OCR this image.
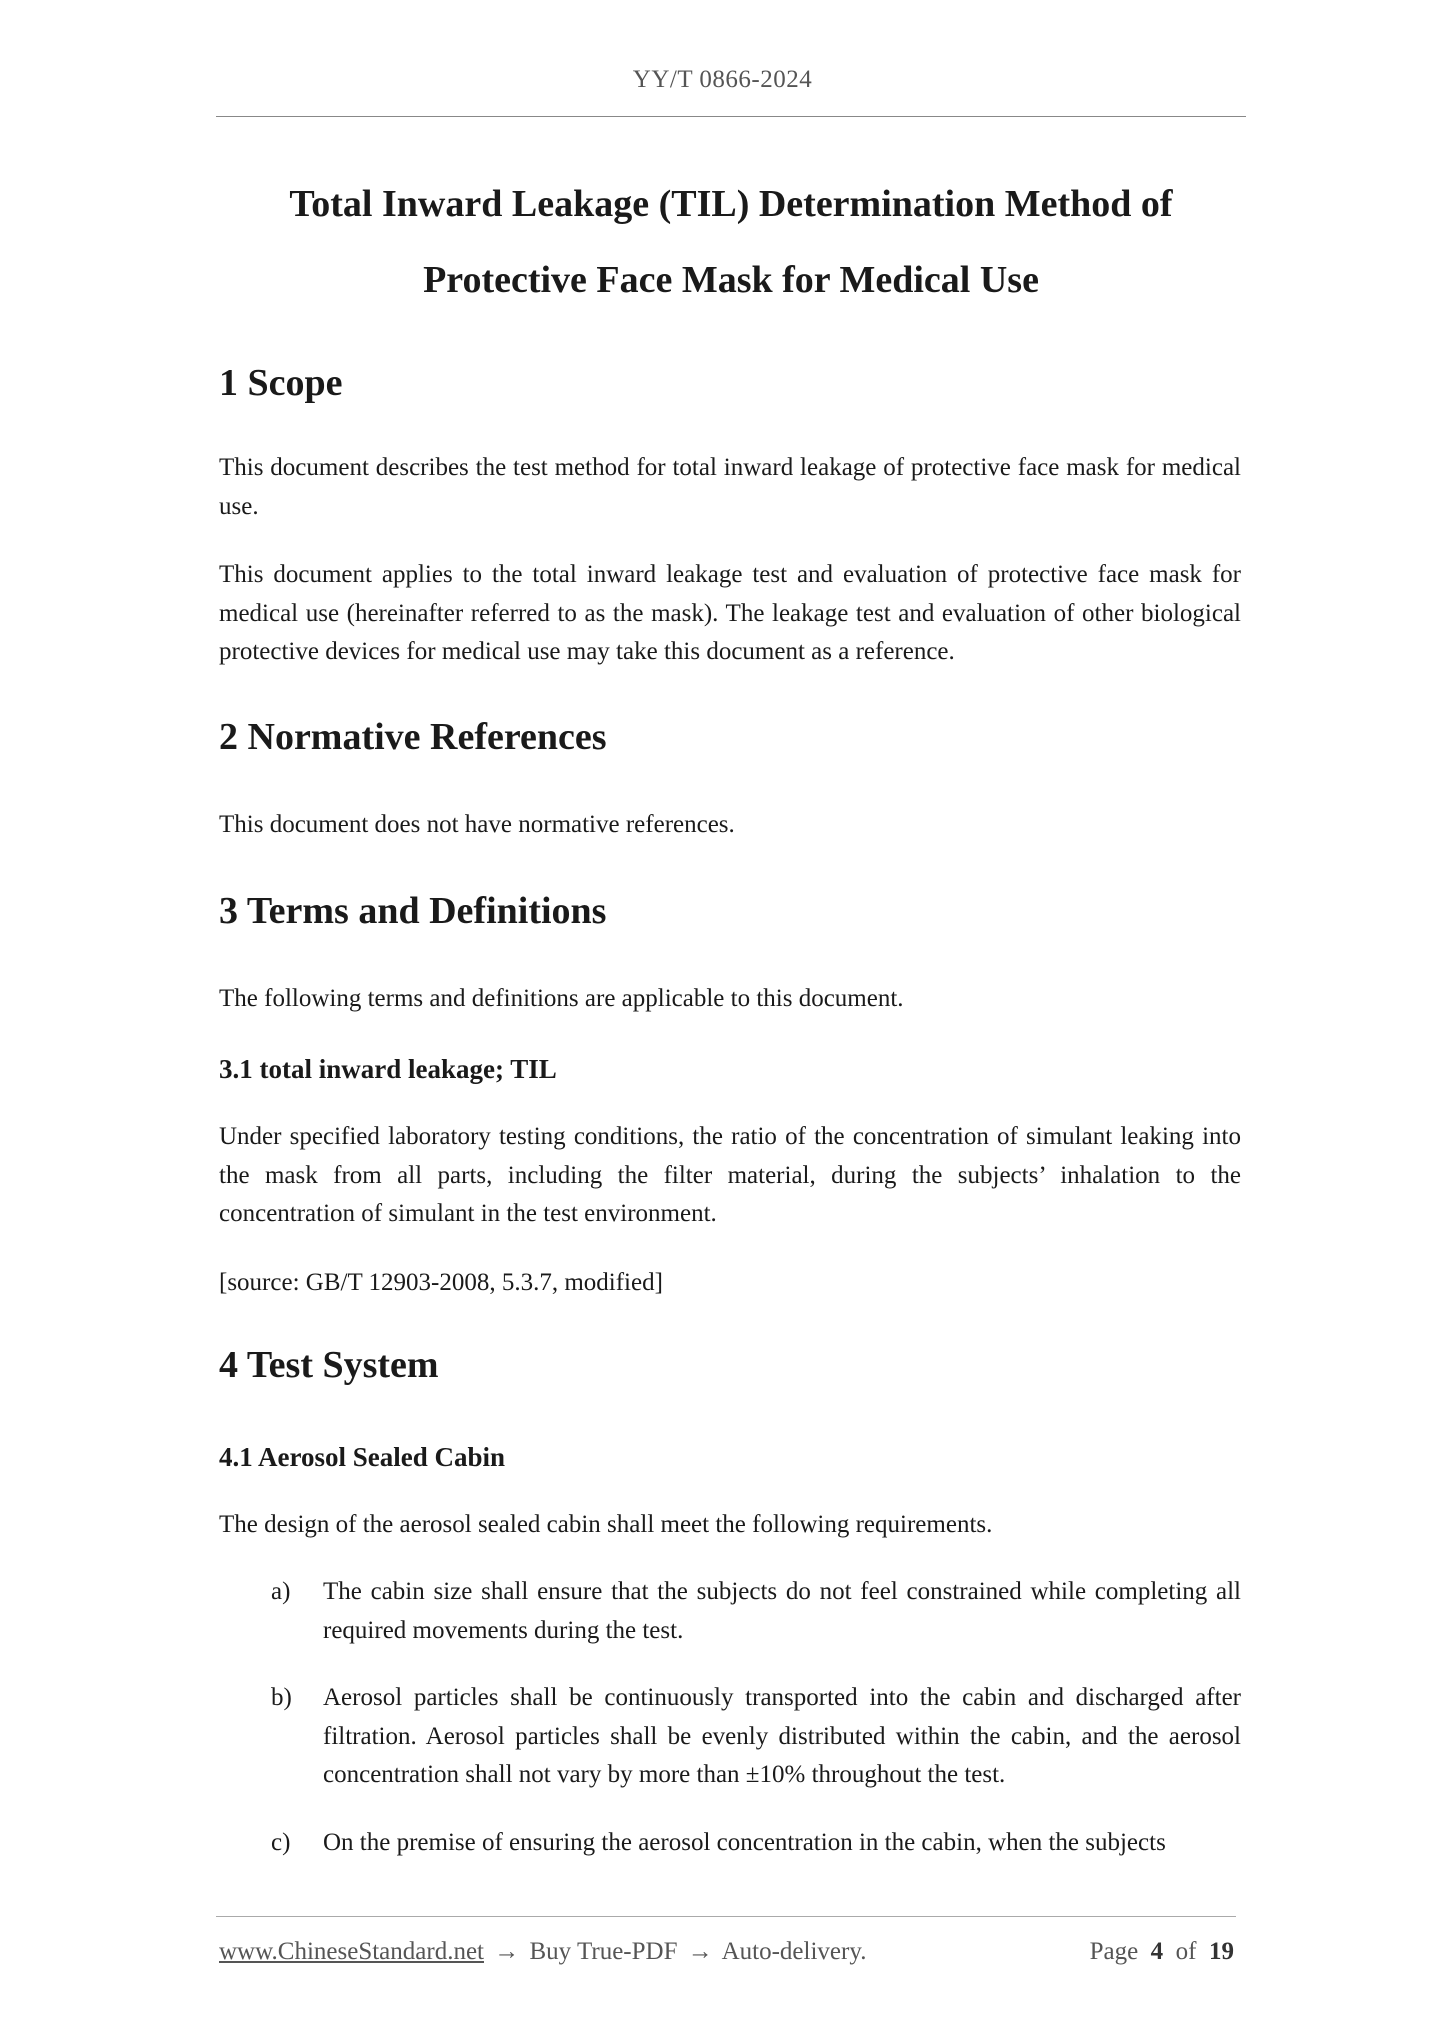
YY/T 0866-2024
Total Inward Leakage (TIL) Determination Method of
Protective Face Mask for Medical Use
1 Scope

This document describes the test method for total inward leakage of protective face mask for medical use.

This document applies to the total inward leakage test and evaluation of protective face mask for medical use (hereinafter referred to as the mask). The leakage test and evaluation of other biological protective devices for medical use may take this document as a reference.

2 Normative References

This document does not have normative references.

3 Terms and Definitions

The following terms and definitions are applicable to this document.

3.1 total inward leakage; TIL

Under specified laboratory testing conditions, the ratio of the concentration of simulant leaking into the mask from all parts, including the filter material, during the subjects’ inhalation to the concentration of simulant in the test environment.

[source: GB/T 12903-2008, 5.3.7, modified]

4 Test System
4.1 Aerosol Sealed Cabin

The design of the aerosol sealed cabin shall meet the following requirements.

a) The cabin size shall ensure that the subjects do not feel constrained while completing all required movements during the test.
b) Aerosol particles shall be continuously transported into the cabin and discharged after filtration. Aerosol particles shall be evenly distributed within the cabin, and the aerosol concentration shall not vary by more than ±10% throughout the test.
c) On the premise of ensuring the aerosol concentration in the cabin, when the subjects
www.ChineseStandard.net → Buy True-PDF → Auto-delivery.	Page 4 of 19
